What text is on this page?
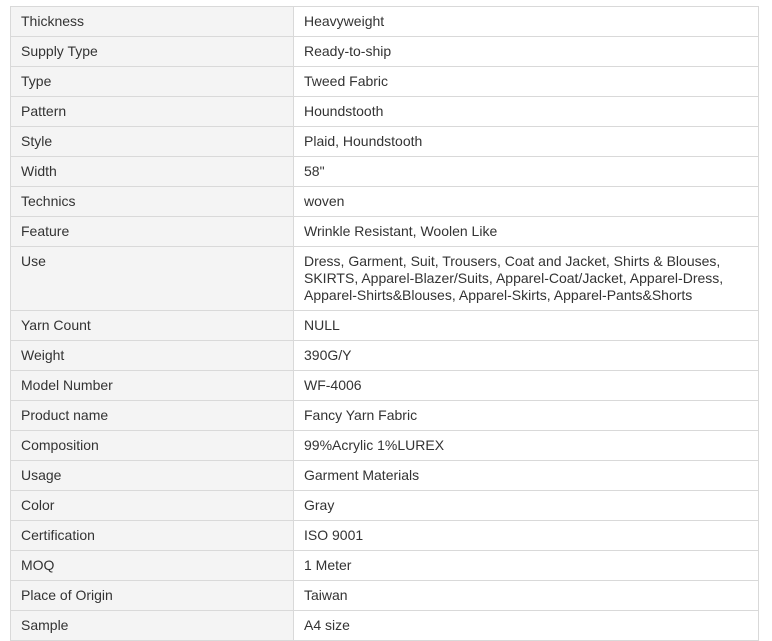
Thickness	Heavyweight
Supply Type	Ready-to-ship
Type	Tweed Fabric
Pattern	Houndstooth
Style	Plaid, Houndstooth
Width	58"
Technics	woven
Feature	Wrinkle Resistant, Woolen Like
Use	Dress, Garment, Suit, Trousers, Coat and Jacket, Shirts & Blouses,
SKIRTS, Apparel-Blazer/Suits, Apparel-Coat/Jacket, Apparel-Dress,
Apparel-Shirts&Blouses, Apparel-Skirts, Apparel-Pants&Shorts

Yarn Count	NULL
Weight	390G/Y
Model Number	WF-4006
Product name	Fancy Yarn Fabric
Composition	99%Acrylic 1%LUREX
Usage	Garment Materials
Color	Gray
Certification	ISO 9001
MOQ	1 Meter
Place of Origin	Taiwan
Sample	A4 size
